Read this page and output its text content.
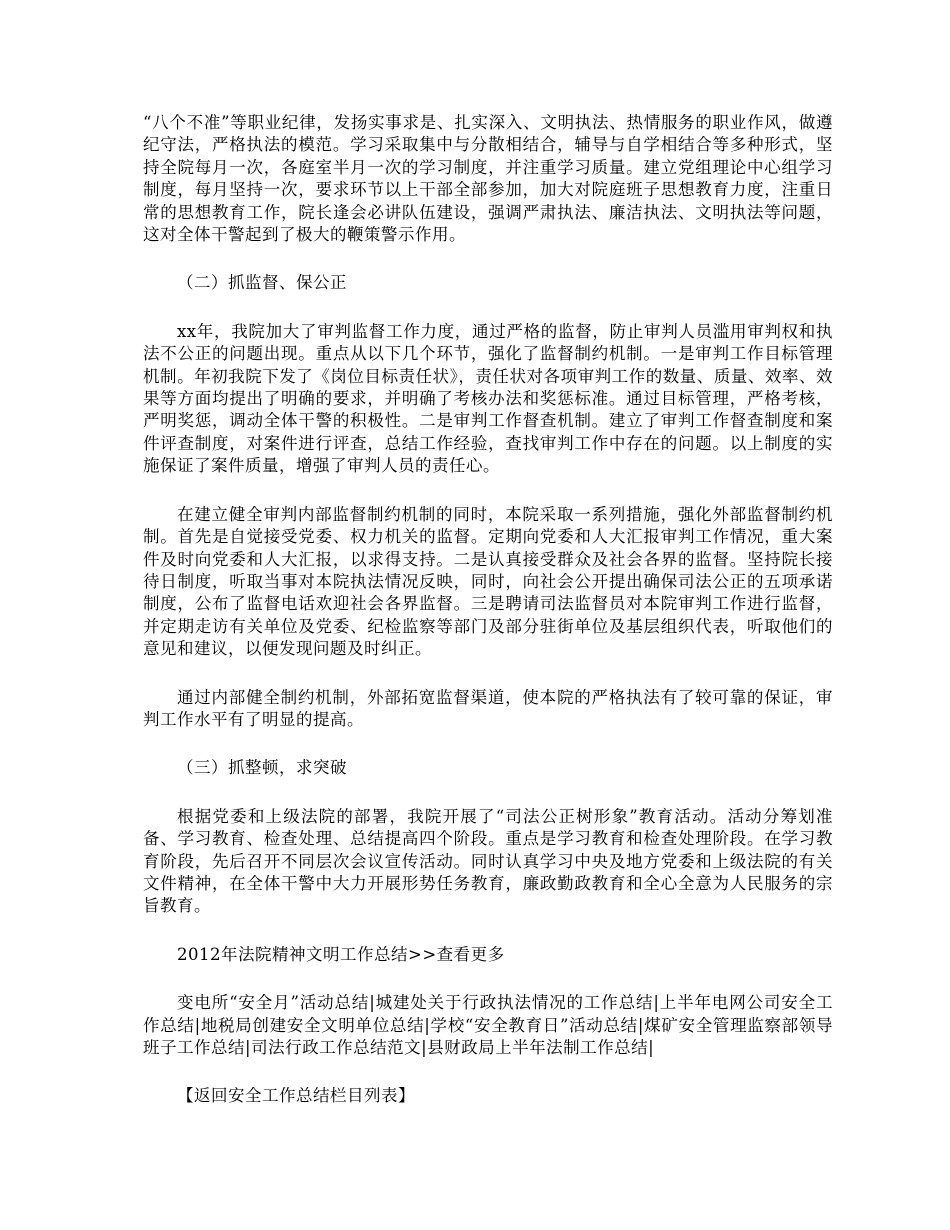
“八个不准”等职业纪律，发扬实事求是、扎实深入、文明执法、热情服务的职业作风，做遵纪守法，严格执法的模范。学习采取集中与分散相结合，辅导与自学相结合等多种形式，坚持全院每月一次，各庭室半月一次的学习制度，并注重学习质量。建立党组理论中心组学习制度，每月坚持一次，要求环节以上干部全部参加，加大对院庭班子思想教育力度，注重日常的思想教育工作，院长逢会必讲队伍建设，强调严肃执法、廉洁执法、文明执法等问题，这对全体干警起到了极大的鞭策警示作用。

（二）抓监督、保公正

xx年，我院加大了审判监督工作力度，通过严格的监督，防止审判人员滥用审判权和执法不公正的问题出现。重点从以下几个环节，强化了监督制约机制。一是审判工作目标管理机制。年初我院下发了《岗位目标责任状》，责任状对各项审判工作的数量、质量、效率、效果等方面均提出了明确的要求，并明确了考核办法和奖惩标准。通过目标管理，严格考核，严明奖惩，调动全体干警的积极性。二是审判工作督查机制。建立了审判工作督查制度和案件评查制度，对案件进行评查，总结工作经验，查找审判工作中存在的问题。以上制度的实施保证了案件质量，增强了审判人员的责任心。

在建立健全审判内部监督制约机制的同时，本院采取一系列措施，强化外部监督制约机制。首先是自觉接受党委、权力机关的监督。定期向党委和人大汇报审判工作情况，重大案件及时向党委和人大汇报，以求得支持。二是认真接受群众及社会各界的监督。坚持院长接待日制度，听取当事对本院执法情况反映，同时，向社会公开提出确保司法公正的五项承诺制度，公布了监督电话欢迎社会各界监督。三是聘请司法监督员对本院审判工作进行监督，并定期走访有关单位及党委、纪检监察等部门及部分驻街单位及基层组织代表，听取他们的意见和建议，以便发现问题及时纠正。

通过内部健全制约机制，外部拓宽监督渠道，使本院的严格执法有了较可靠的保证，审判工作水平有了明显的提高。

（三）抓整顿，求突破

根据党委和上级法院的部署，我院开展了“司法公正树形象”教育活动。活动分筹划准备、学习教育、检查处理、总结提高四个阶段。重点是学习教育和检查处理阶段。在学习教育阶段，先后召开不同层次会议宣传活动。同时认真学习中央及地方党委和上级法院的有关文件精神，在全体干警中大力开展形势任务教育，廉政勤政教育和全心全意为人民服务的宗旨教育。

2012年法院精神文明工作总结>>查看更多

变电所“安全月”活动总结|城建处关于行政执法情况的工作总结|上半年电网公司安全工作总结|地税局创建安全文明单位总结|学校“安全教育日”活动总结|煤矿安全管理监察部领导班子工作总结|司法行政工作总结范文|县财政局上半年法制工作总结|

【返回安全工作总结栏目列表】
